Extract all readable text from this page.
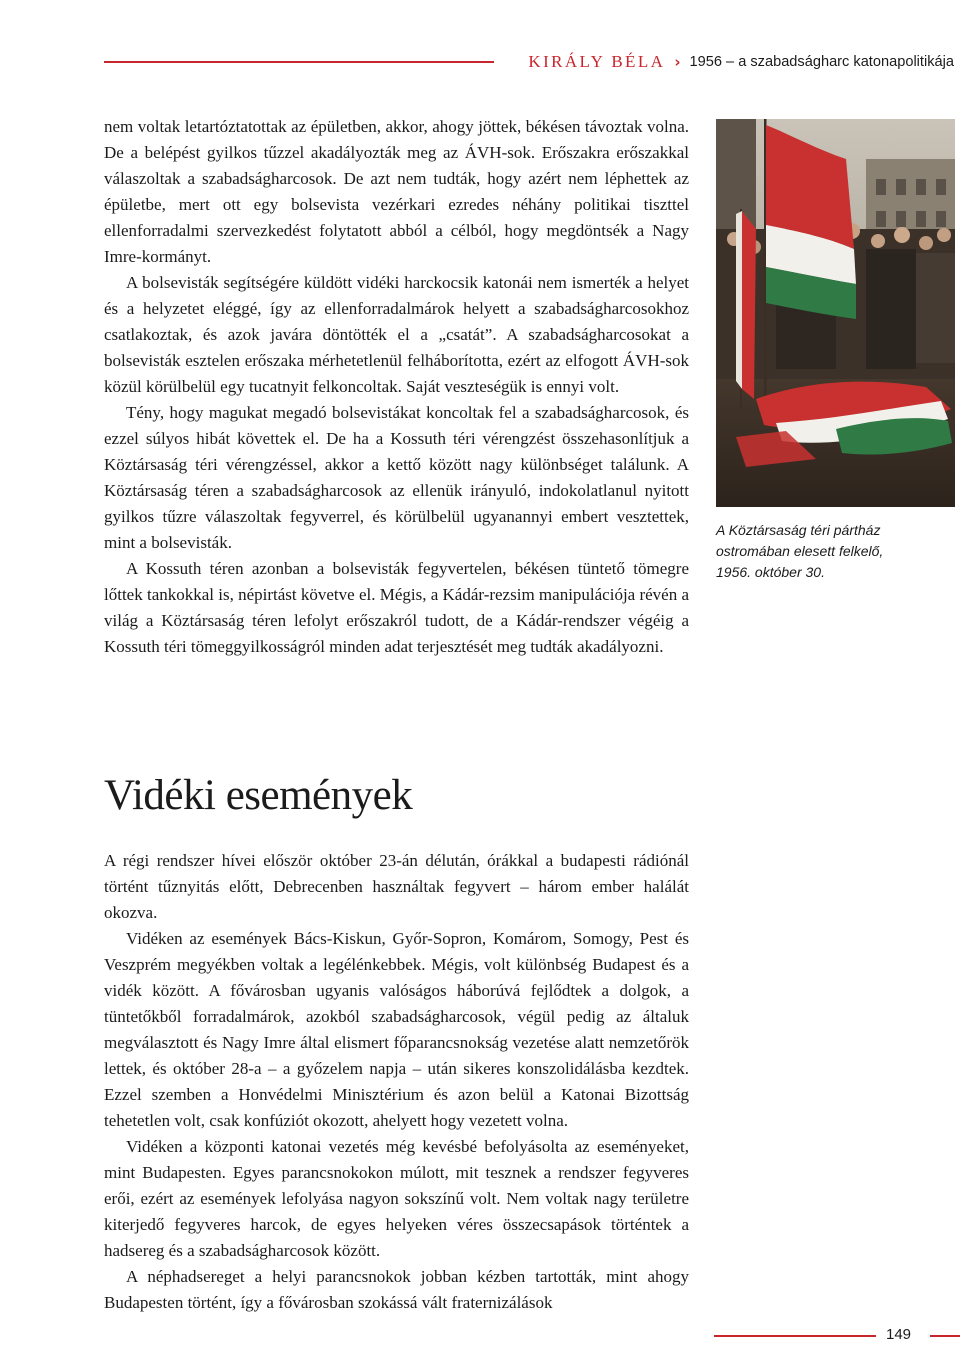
KIRÁLY BÉLA › 1956 – a szabadságharc katonapolitikája

nem voltak letartóztatottak az épületben, akkor, ahogy jöttek, békésen távoztak volna. De a belépést gyilkos tűzzel akadályozták meg az ÁVH-sok. Erőszakra erőszakkal válaszoltak a szabadságharcosok. De azt nem tudták, hogy azért nem léphettek az épületbe, mert ott egy bolsevista vezérkari ezredes néhány politikai tiszttel ellenforradalmi szervezkedést folytatott abból a célból, hogy megdöntsék a Nagy Imre-kormányt.

A bolsevisták segítségére küldött vidéki harckocsik katonái nem ismerték a helyet és a helyzetet eléggé, így az ellenforradalmárok helyett a szabadságharcosokhoz csatlakoztak, és azok javára döntötték el a „csatát”. A szabadságharcosokat a bolsevisták esztelen erőszaka mérhetetlenül felháborította, ezért az elfogott ÁVH-sok közül körülbelül egy tucatnyit felkoncoltak. Saját veszteségük is ennyi volt.

Tény, hogy magukat megadó bolsevistákat koncoltak fel a szabadságharcosok, és ezzel súlyos hibát követtek el. De ha a Kossuth téri vérengzést összehasonlítjuk a Köztársaság téri vérengzéssel, akkor a kettő között nagy különbséget találunk. A Köztársaság téren a szabadságharcosok az ellenük irányuló, indokolatlanul nyitott gyilkos tűzre válaszoltak fegyverrel, és körülbelül ugyanannyi embert vesztettek, mint a bolsevisták.

A Kossuth téren azonban a bolsevisták fegyvertelen, békésen tüntető tömegre lőttek tankokkal is, népirtást követve el. Mégis, a Kádár-rezsim manipulációja révén a világ a Köztársaság téren lefolyt erőszakról tudott, de a Kádár-rendszer végéig a Kossuth téri tömeggyilkosságról minden adat terjesztését meg tudták akadályozni.

Vidéki események

A régi rendszer hívei először október 23-án délután, órákkal a budapesti rádiónál történt tűznyitás előtt, Debrecenben használtak fegyvert – három ember halálát okozva.

Vidéken az események Bács-Kiskun, Győr-Sopron, Komárom, Somogy, Pest és Veszprém megyékben voltak a legélénkebbek. Mégis, volt különbség Budapest és a vidék között. A fővárosban ugyanis valóságos háborúvá fejlődtek a dolgok, a tüntetőkből forradalmárok, azokból szabadságharcosok, végül pedig az általuk megválasztott és Nagy Imre által elismert főparancsnokság vezetése alatt nemzetőrök lettek, és október 28-a – a győzelem napja – után sikeres konszolidálásba kezdtek. Ezzel szemben a Honvédelmi Minisztérium és azon belül a Katonai Bizottság tehetetlen volt, csak konfúziót okozott, ahelyett hogy vezetett volna.

Vidéken a központi katonai vezetés még kevésbé befolyásolta az eseményeket, mint Budapesten. Egyes parancsnokokon múlott, mit tesznek a rendszer fegyveres erői, ezért az események lefolyása nagyon sokszínű volt. Nem voltak nagy területre kiterjedő fegyveres harcok, de egyes helyeken véres összecsapások történtek a hadsereg és a szabadságharcosok között.

A néphadsereget a helyi parancsnokok jobban kézben tartották, mint ahogy Budapesten történt, így a fővárosban szokássá vált fraternizálások

A Köztársaság téri pártház
ostromában elesett felkelő,
1956. október 30.
149
